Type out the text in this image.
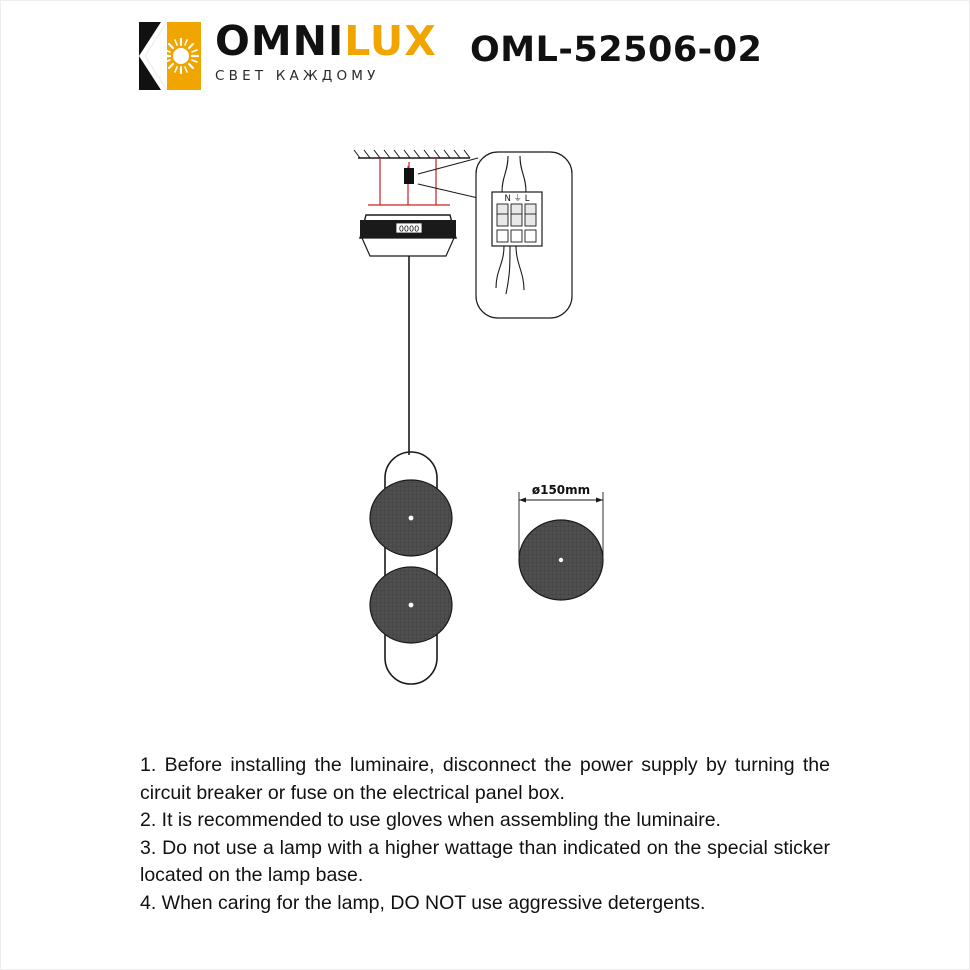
OMNILUX
СВЕТ КАЖДОМУ
OML-52506-02
0000
N ⏚ L
ø150mm

1. Before installing the luminaire, disconnect the power supply by turning the circuit breaker or fuse on the electrical panel box.

2. It is recommended to use gloves when assembling the luminaire.

3. Do not use a lamp with a higher wattage than indicated on the special sticker located on the lamp base.

4. When caring for the lamp, DO NOT use aggressive detergents.
